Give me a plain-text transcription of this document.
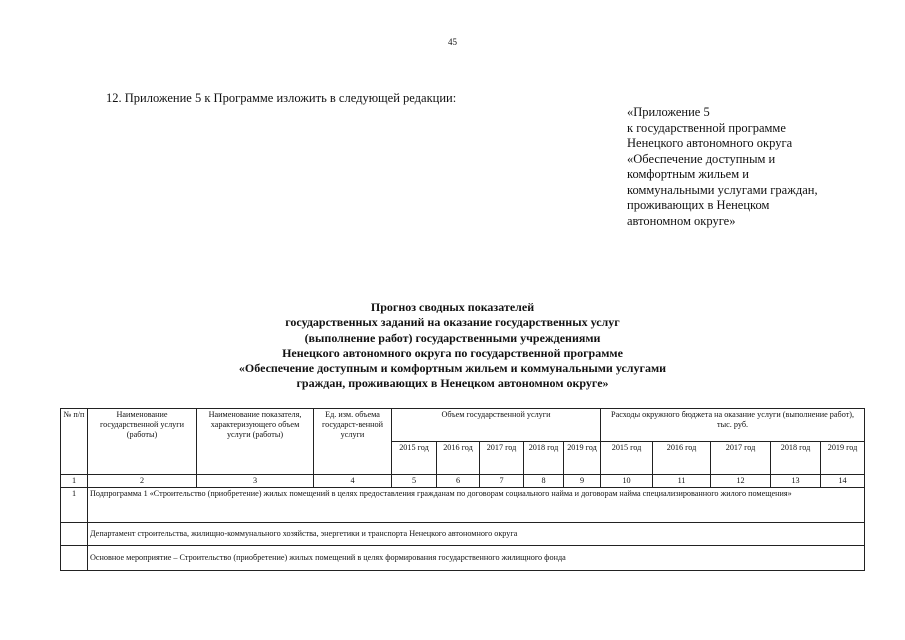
45
12. Приложение 5 к Программе изложить в следующей редакции:
«Приложение 5
к государственной программе
Ненецкого автономного округа
«Обеспечение доступным и
комфортным жильем и
коммунальными услугами граждан,
проживающих в Ненецком
автономном округе»
Прогноз сводных показателей
государственных заданий на оказание государственных услуг
(выполнение работ) государственными учреждениями
Ненецкого автономного округа по государственной программе
«Обеспечение доступным и комфортным жильем и коммунальными услугами
граждан, проживающих в Ненецком автономном округе»
№ п/п	Наименование государственной услуги (работы)	Наименование показателя, характеризующего объем услуги (работы)	Ед. изм. объема государст-венной услуги	Объем государственной услуги					Расходы окружного бюджета на оказание услуги (выполнение работ), тыс. руб.				
				2015 год	2016 год	2017 год	2018 год	2019 год	2015 год	2016 год	2017 год	2018 год	2019 год
1	2	3	4	5	6	7	8	9	10	11	12	13	14
1	Подпрограмма 1 «Строительство (приобретение) жилых помещений в целях предоставления гражданам по договорам социального найма и договорам найма специализированного жилого помещения»												
	Департамент строительства, жилищно-коммунального хозяйства, энергетики и транспорта Ненецкого автономного округа												
	Основное мероприятие – Строительство (приобретение) жилых помещений в целях формирования государственного жилищного фонда												
